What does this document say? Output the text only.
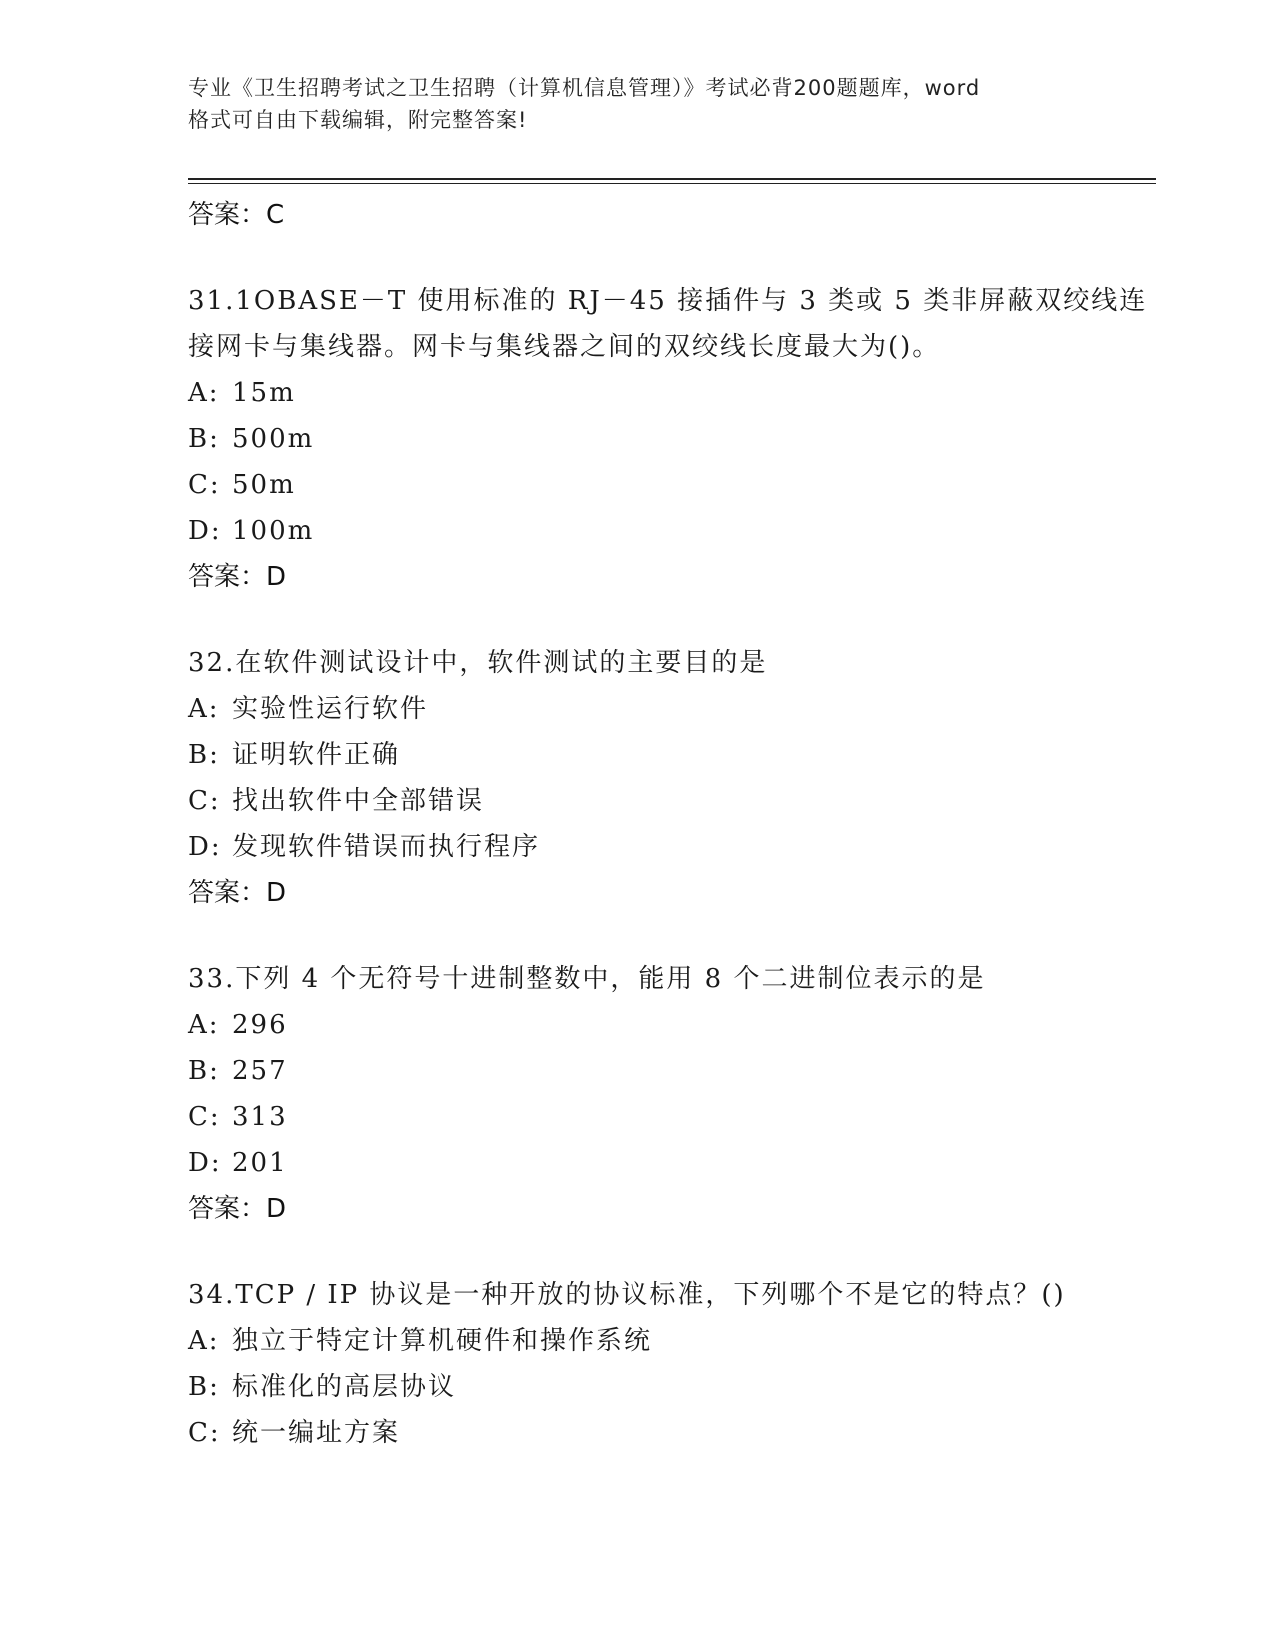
专业《卫生招聘考试之卫生招聘（计算机信息管理）》考试必背200题题库，word
格式可自由下载编辑，附完整答案!
答案：C
31.1OBASE－T 使用标准的 RJ－45 接插件与 3 类或 5 类非屏蔽双绞线连
接网卡与集线器。网卡与集线器之间的双绞线长度最大为()。
A: 15m
B: 500m
C: 50m
D: 100m
答案：D
32.在软件测试设计中，软件测试的主要目的是
A: 实验性运行软件
B: 证明软件正确
C: 找出软件中全部错误
D: 发现软件错误而执行程序
答案：D
33.下列 4 个无符号十进制整数中，能用 8 个二进制位表示的是
A: 296
B: 257
C: 313
D: 201
答案：D
34.TCP / IP 协议是一种开放的协议标准，下列哪个不是它的特点？()
A: 独立于特定计算机硬件和操作系统
B: 标准化的高层协议
C: 统一编址方案
